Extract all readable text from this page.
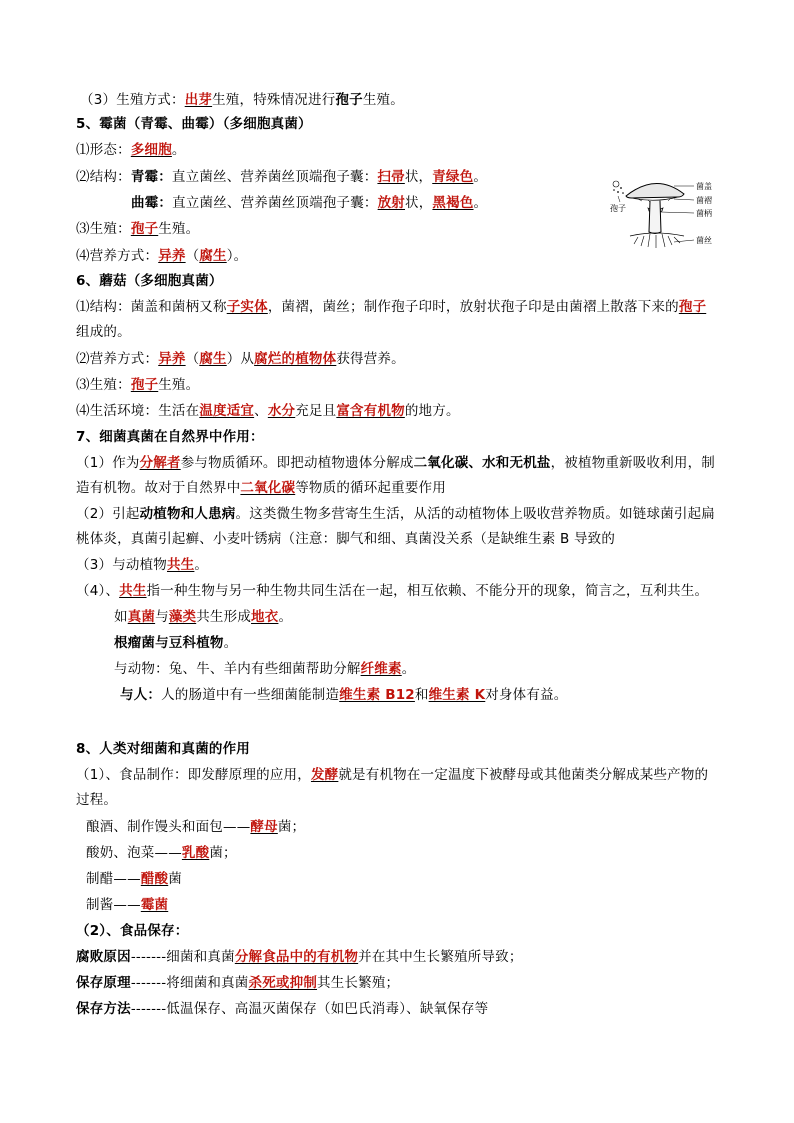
（3）生殖方式：出芽生殖，特殊情况进行孢子生殖。
5、霉菌（青霉、曲霉）（多细胞真菌）
⑴形态：多细胞。
⑵结构：青霉：直立菌丝、营养菌丝顶端孢子囊：扫帚状，青绿色。
曲霉：直立菌丝、营养菌丝顶端孢子囊：放射状，黑褐色。
⑶生殖：孢子生殖。
⑷营养方式：异养（腐生）。
6、蘑菇（多细胞真菌）
⑴结构：菌盖和菌柄又称子实体，菌褶，菌丝；制作孢子印时，放射状孢子印是由菌褶上散落下来的孢子
组成的。
⑵营养方式：异养（腐生）从腐烂的植物体获得营养。
⑶生殖：孢子生殖。
⑷生活环境：生活在温度适宜、水分充足且富含有机物的地方。
7、细菌真菌在自然界中作用：
（1）作为分解者参与物质循环。即把动植物遗体分解成二氧化碳、水和无机盐，被植物重新吸收利用，制
造有机物。故对于自然界中二氧化碳等物质的循环起重要作用
（2）引起动植物和人患病。这类微生物多营寄生生活，从活的动植物体上吸收营养物质。如链球菌引起扁
桃体炎，真菌引起癣、小麦叶锈病（注意：脚气和细、真菌没关系（是缺维生素 B 导致的
（3）与动植物共生。
（4）、共生指一种生物与另一种生物共同生活在一起，相互依赖、不能分开的现象，简言之，互利共生。
如真菌与藻类共生形成地衣。
根瘤菌与豆科植物。
与动物：兔、牛、羊内有些细菌帮助分解纤维素。
与人：人的肠道中有一些细菌能制造维生素 B12和维生素 K对身体有益。
8、人类对细菌和真菌的作用
（1）、食品制作：即发酵原理的应用，发酵就是有机物在一定温度下被酵母或其他菌类分解成某些产物的
过程。
酿酒、制作馒头和面包——酵母菌；
酸奶、泡菜——乳酸菌；
制醋——醋酸菌
制酱——霉菌
（2）、食品保存：
腐败原因-------细菌和真菌分解食品中的有机物并在其中生长繁殖所导致；
保存原理-------将细菌和真菌杀死或抑制其生长繁殖；
保存方法-------低温保存、高温灭菌保存（如巴氏消毒）、缺氧保存等
菌盖
菌褶
菌柄
菌丝
孢子
